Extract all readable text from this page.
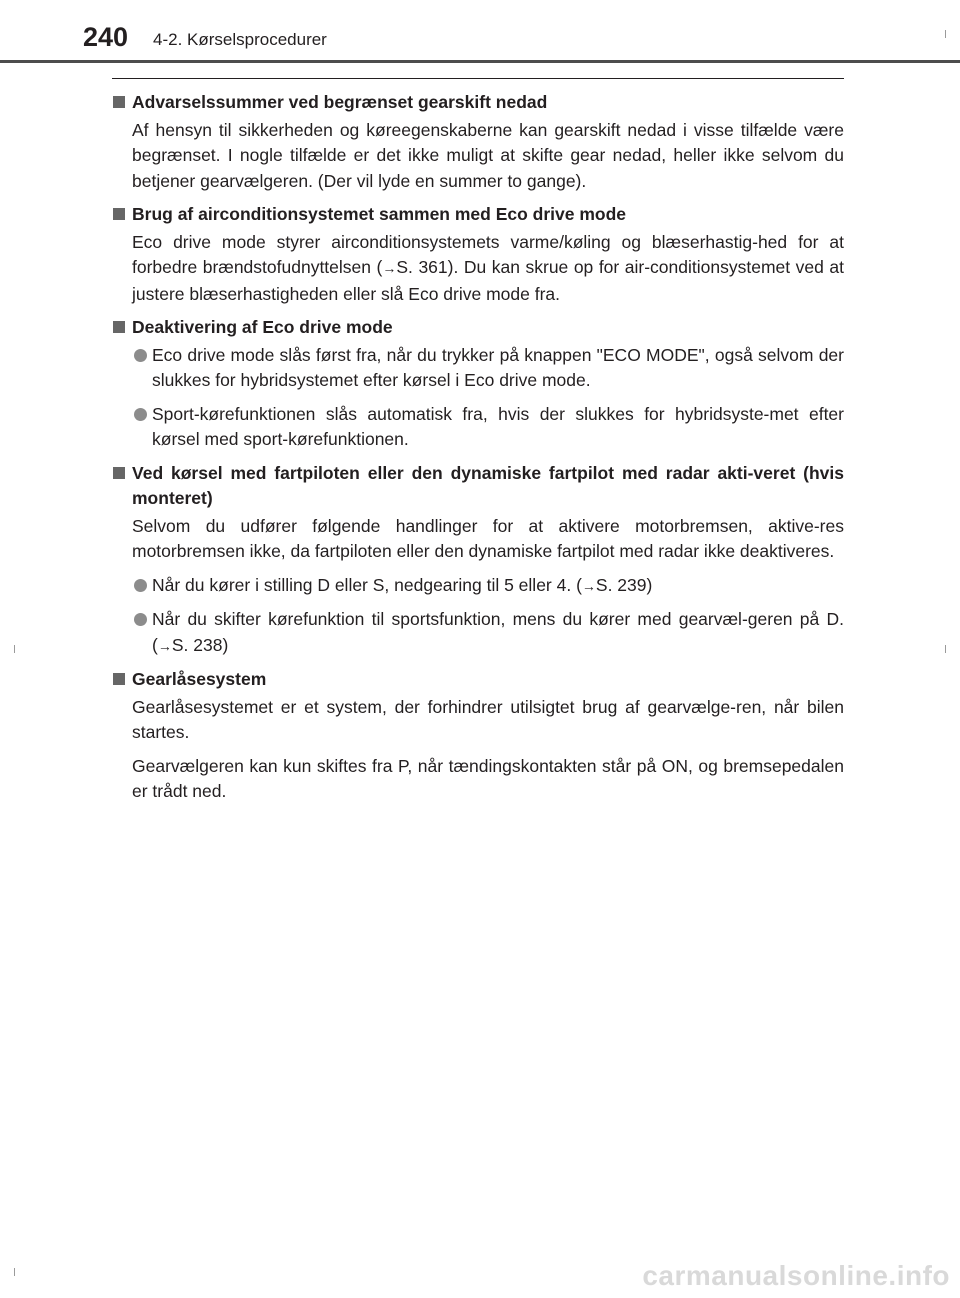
240 4-2. Kørselsprocedurer
Advarselssummer ved begrænset gearskift nedad
Af hensyn til sikkerheden og køreegenskaberne kan gearskift nedad i visse tilfælde være begrænset. I nogle tilfælde er det ikke muligt at skifte gear nedad, heller ikke selvom du betjener gearvælgeren. (Der vil lyde en summer to gange).
Brug af airconditionsystemet sammen med Eco drive mode
Eco drive mode styrer airconditionsystemets varme/køling og blæserhastig-hed for at forbedre brændstofudnyttelsen (→S. 361). Du kan skrue op for air-conditionsystemet ved at justere blæserhastigheden eller slå Eco drive mode fra.
Deaktivering af Eco drive mode
Eco drive mode slås først fra, når du trykker på knappen "ECO MODE", også selvom der slukkes for hybridsystemet efter kørsel i Eco drive mode.
Sport-kørefunktionen slås automatisk fra, hvis der slukkes for hybridsyste-met efter kørsel med sport-kørefunktionen.
Ved kørsel med fartpiloten eller den dynamiske fartpilot med radar akti-veret (hvis monteret)
Selvom du udfører følgende handlinger for at aktivere motorbremsen, aktive-res motorbremsen ikke, da fartpiloten eller den dynamiske fartpilot med radar ikke deaktiveres.
Når du kører i stilling D eller S, nedgearing til 5 eller 4. (→S. 239)
Når du skifter kørefunktion til sportsfunktion, mens du kører med gearvæl-geren på D. (→S. 238)
Gearlåsesystem
Gearlåsesystemet er et system, der forhindrer utilsigtet brug af gearvælge-ren, når bilen startes.
Gearvælgeren kan kun skiftes fra P, når tændingskontakten står på ON, og bremsepedalen er trådt ned.
carmanualsonline.info
